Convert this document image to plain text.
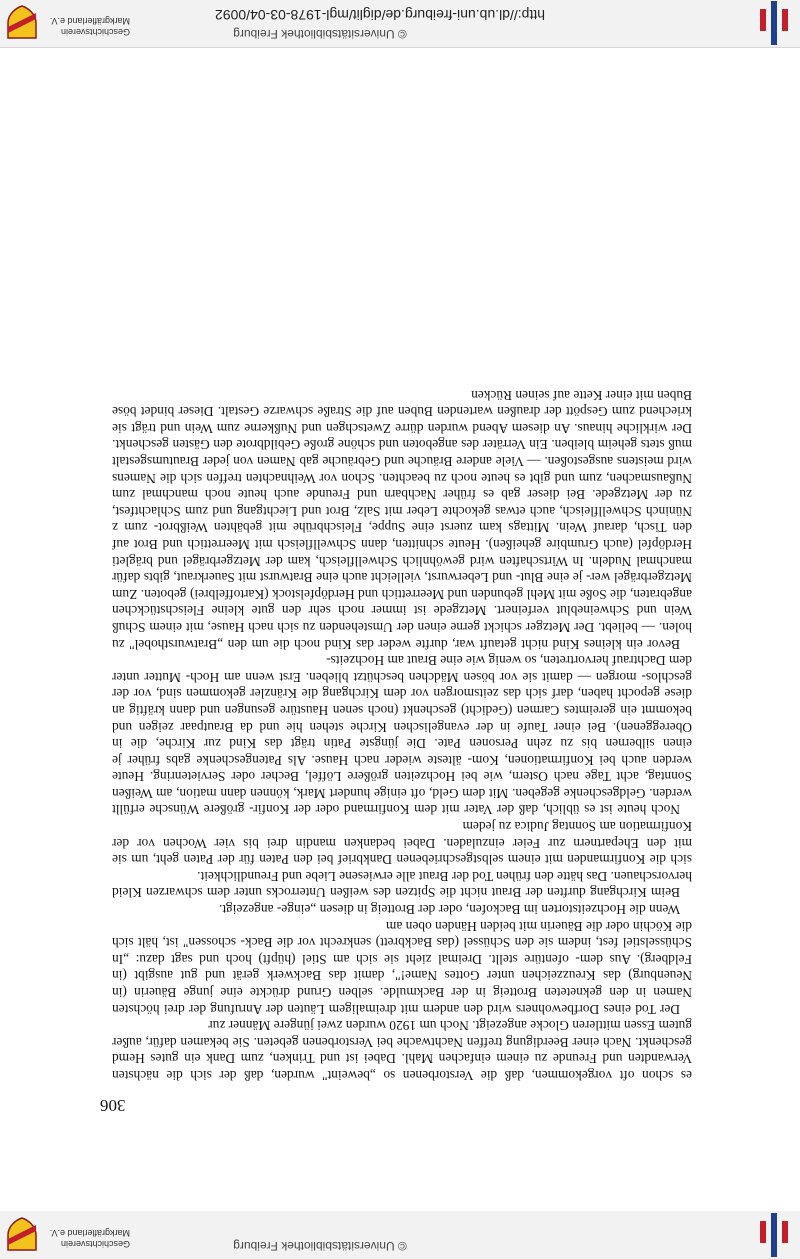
© Universitätsbibliothek Freiburg
Geschichtsverein
Markgräflerland e.V.
306

es schon oft vorgekommen, daß die Verstorbenen so „beweint" wurden, daß der sich die nächsten Verwandten und Freunde zu einem einfachen Mahl. Dabei ist und Trinken, zum Dank ein gutes Hemd geschenkt. Nach einer Beerdigung treffen Nachtwache bei Verstorbenen gebeten. Sie bekamen dafür, außer gutem Essen mittleren Glocke angezeigt. Noch um 1920 wurden zwei jüngere Männer zur

Der Tod eines Dorfbewohners wird den andern mit dreimaligem Läuten der Anrufung der drei höchsten Namen in den gekneteten Brotteig in der Backmulde. selben Grund drückte eine junge Bäuerin (in Neuenburg) das Kreuzzeichen unter Gottes Name!", damit das Backwerk gerät und gut ausgibt (in Feldberg). Aus dem- ofentüre stellt. Dreimal zieht sie sich am Stiel (hüpft) hoch und sagt dazu: „In Schüsselstiel fest, indem sie den Schüssel (das Backbrett) senkrecht vor die Back- schossen" ist, hält sich die Köchin oder die Bäuerin mit beiden Händen oben am

Wenn die Hochzeitstorten im Backofen, oder der Brotteig in diesen „einge- angezeigt.

Beim Kirchgang durften der Braut nicht die Spitzen des weißen Unterrocks unter dem schwarzen Kleid hervorschauen. Das hätte den frühen Tod der Braut alle erwiesene Liebe und Freundlichkeit.

sich die Konfirmanden mit einem selbstgeschriebenen Dankbrief bei den Paten für der Paten geht, um sie mit den Ehepartnern zur Feier einzuladen. Dabei bedanken mandin drei bis vier Wochen vor der Konfirmation am Sonntag Judica zu jedem

Noch heute ist es üblich, daß der Vater mit dem Konfirmand oder der Konfir- größere Wünsche erfüllt werden. Geldgeschenke gegeben. Mit dem Geld, oft einige hundert Mark, können dann mation, am Weißen Sonntag, acht Tage nach Ostern, wie bei Hochzeiten größere Löffel, Becher oder Servietenring. Heute werden auch bei Konfirmationen, Kom- älteste wieder nach Hause. Als Patengeschenke gabs früher je einen silbernen bis zu zehn Personen Pate. Die jüngste Patin trägt das Kind zur Kirche, die in Obereggenen). Bei einer Taufe in der evangelischen Kirche stehen hie und da Brautpaar zeigen und bekommt ein gereimtes Carmen (Gedicht) geschenkt (noch senen Haustüre gesungen und dann kräftig an diese gepocht haben, darf sich das zeitsmorgen vor dem Kirchgang die Kränzler gekommen sind, vor der geschlos- morgen — damit sie vor bösen Mädchen beschützt blieben. Erst wenn am Hoch- Mutter unter dem Dachtrauf hervortreten, so wenig wie eine Braut am Hochzeits-

Bevor ein kleines Kind nicht getauft war, durfte weder das Kind noch die um den „Bratwursthobel" zu holen. — beliebt. Der Metzger schickt gerne einen der Umstehenden zu sich nach Hause, mit einem Schuß Wein und Schweineblut verfeinert. Metzgede ist immer noch sehr den gute kleine Fleischstückchen angebraten, die Soße mit Mehl gebunden und Meerrettich und Herdöpfelstock (Kartoffelbrei) geboten. Zum Metzgerbrägel wer- je eine Blut- und Leberwurst, vielleicht auch eine Bratwurst mit Sauerkraut, gibts dafür manchmal Nudeln. In Wirtschaften wird gewöhnlich Schwellfleisch, kam der Metzgerbrägel und brägleti Herdöpfel (auch Grumbire geheißen). Heute schnitten, dann Schwellfleisch mit Meerrettich und Brot auf den Tisch, darauf Wein. Mittags kam zuerst eine Suppe, Fleischbrühe mit gebähten Weißbrot- zum z Nüninch Schwellfleisch, auch etwas gekochte Leber mit Salz, Brot und Liechtgang und zum Schlachtfest, zu der Metzgede. Bei dieser gab es früher Nachbarn und Freunde auch heute noch manchmal zum Nußausmachen, zum und gibt es heute noch zu beachten. Schon vor Weihnachten treffen sich die Namens wird meistens ausgestoßen. — Viele andere Bräuche und Gebräuche gab Namen von jeder Brautumsgestalt muß stets geheim bleiben. Ein Verräter des angeboten und schöne große Gebildbrote den Gästen geschenkt. Der wirkliche hinaus. An diesem Abend wurden dürre Zwetschgen und Nußkerne zum Wein und trägt sie kriechend zum Gespött der draußen wartenden Buben auf die Straße schwarze Gestalt. Dieser bindet böse Buben mit einer Kette auf seinen Rücken

© Universitätsbibliothek Freiburg
http://dl.ub.uni-freiburg.de/diglit/mgl-1978-03-04/0092
Geschichtsverein
Markgräflerland e.V.
